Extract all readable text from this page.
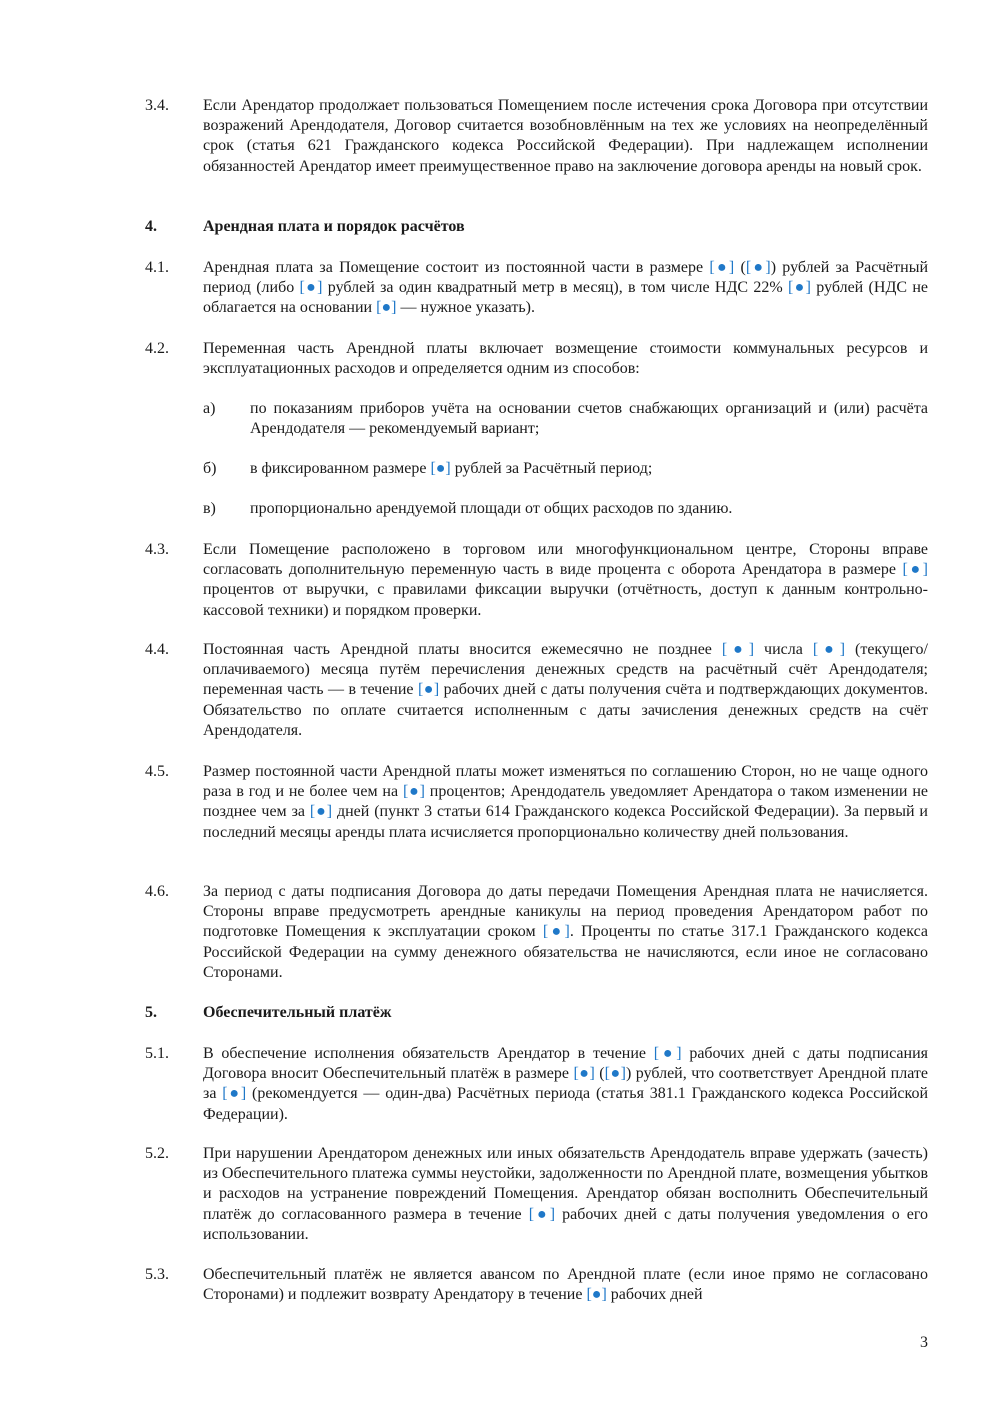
3.4. Если Арендатор продолжает пользоваться Помещением после истечения срока Договора при отсутствии возражений Арендодателя, Договор считается возобновлённым на тех же условиях на неопределённый срок (статья 621 Гражданского кодекса Российской Федерации). При надлежащем исполнении обязанностей Арендатор имеет преимущественное право на заключение договора аренды на новый срок.
4.	Арендная плата и порядок расчётов
4.1. Арендная плата за Помещение состоит из постоянной части в размере [●] ([●]) рублей за Расчётный период (либо [●] рублей за один квадратный метр в месяц), в том числе НДС 22% [●] рублей (НДС не облагается на основании [●] — нужное указать).
4.2. Переменная часть Арендной платы включает возмещение стоимости коммунальных ресурсов и эксплуатационных расходов и определяется одним из способов:
а) по показаниям приборов учёта на основании счетов снабжающих организаций и (или) расчёта Арендодателя — рекомендуемый вариант;
б) в фиксированном размере [●] рублей за Расчётный период;
в) пропорционально арендуемой площади от общих расходов по зданию.
4.3. Если Помещение расположено в торговом или многофункциональном центре, Стороны вправе согласовать дополнительную переменную часть в виде процента с оборота Арендатора в размере [●] процентов от выручки, с правилами фиксации выручки (отчётность, доступ к данным контрольно-кассовой техники) и порядком проверки.
4.4. Постоянная часть Арендной платы вносится ежемесячно не позднее [●] числа [●] (текущего/оплачиваемого) месяца путём перечисления денежных средств на расчётный счёт Арендодателя; переменная часть — в течение [●] рабочих дней с даты получения счёта и подтверждающих документов. Обязательство по оплате считается исполненным с даты зачисления денежных средств на счёт Арендодателя.
4.5. Размер постоянной части Арендной платы может изменяться по соглашению Сторон, но не чаще одного раза в год и не более чем на [●] процентов; Арендодатель уведомляет Арендатора о таком изменении не позднее чем за [●] дней (пункт 3 статьи 614 Гражданского кодекса Российской Федерации). За первый и последний месяцы аренды плата исчисляется пропорционально количеству дней пользования.
4.6. За период с даты подписания Договора до даты передачи Помещения Арендная плата не начисляется. Стороны вправе предусмотреть арендные каникулы на период проведения Арендатором работ по подготовке Помещения к эксплуатации сроком [●]. Проценты по статье 317.1 Гражданского кодекса Российской Федерации на сумму денежного обязательства не начисляются, если иное не согласовано Сторонами.
5.	Обеспечительный платёж
5.1. В обеспечение исполнения обязательств Арендатор в течение [●] рабочих дней с даты подписания Договора вносит Обеспечительный платёж в размере [●] ([●]) рублей, что соответствует Арендной плате за [●] (рекомендуется — один-два) Расчётных периода (статья 381.1 Гражданского кодекса Российской Федерации).
5.2. При нарушении Арендатором денежных или иных обязательств Арендодатель вправе удержать (зачесть) из Обеспечительного платежа суммы неустойки, задолженности по Арендной плате, возмещения убытков и расходов на устранение повреждений Помещения. Арендатор обязан восполнить Обеспечительный платёж до согласованного размера в течение [●] рабочих дней с даты получения уведомления о его использовании.
5.3. Обеспечительный платёж не является авансом по Арендной плате (если иное прямо не согласовано Сторонами) и подлежит возврату Арендатору в течение [●] рабочих дней
3
